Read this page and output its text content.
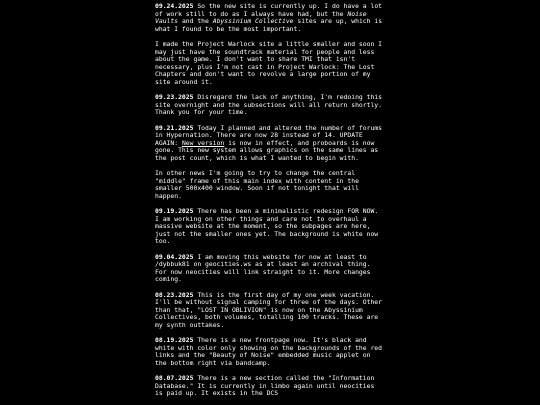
09.24.2025 So the new site is currently up. I do have a lot of work still to do as I always have had, but the Noise Vaults and the Abyssinium Collective sites are up, which is what I found to be the most important.

I made the Project Warlock site a little smaller and soon I may just have the soundtrack material for people and less about the game. I don't want to share TMI that isn't necessary, plus I'm not cast in Project Warlock: The Lost Chapters and don't want to revolve a large portion of my site around it.

09.23.2025 Disregard the lack of anything, I'm redoing this site overnight and the subsections will all return shortly. Thank you for your time.

09.21.2025 Today I planned and altered the number of forums in Hypernation. There are now 28 instead of 14. UPDATE AGAIN: New version is now in effect, and proboards is now gone. This new system allows graphics on the same lines as the post count, which is what I wanted to begin with.

In other news I'm going to try to change the central "middle" frame of this main index with content in the smaller 500x400 window. Soon if not tonight that will happen.

09.19.2025 There has been a minimalistic redesign FOR NOW. I am working on other things and care not to overhaul a massive website at the moment, so the subpages are here, just not the smaller ones yet. The background is white now too.

09.04.2025 I am moving this website for now at least to /dybbuk81 on geocities.ws as at least an archival thing. For now neocities will link straight to it. More changes coming.

08.23.2025 This is the first day of my one week vacation. I'll be without signal camping for three of the days. Other than that, "LOST IN OBLIVION" is now on the Abyssinium Collectives, both volumes, totalling 100 tracks. These are my synth outtakes.

08.19.2025 There is a new frontpage now. It's black and white with color only showing on the backgrounds of the red links and the "Beauty of Noise" embedded music applet on the bottom right via bandcamp.

08.07.2025 There is a new section called the "Information Database." It is currently in limbo again until neocities is paid up. It exists in the DCS
